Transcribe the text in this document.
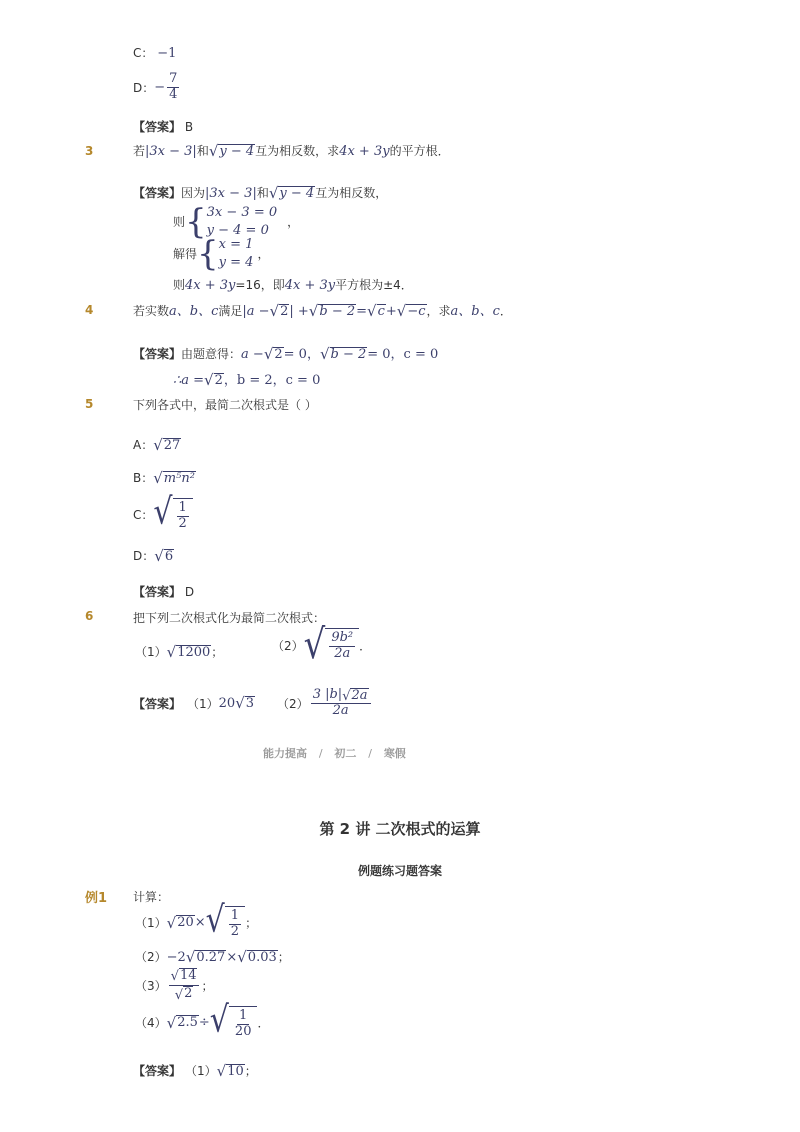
C： −1
D： − $\frac{7}{4}$
【答案】 B
3	若 |3x − 3| 和 √ y − 4 互为相反数，求 4x + 3y 的平方根．
【答案】 因为 |3x − 3| 和 √ y − 4 互为相反数，
则 { 3x − 3 = 0
y − 4 = 0
，
解得 { x = 1
y = 4
，
则4x + 3y=16，即4x + 3y平方根为±4．
4	若实数 a、b、c 满足 |a − √ 2 | + √ b − 2 = √ c + √ −c ，求 a、b、c ．
【答案】 由题意得： a − √ 2 = 0， √ b − 2 = 0，c = 0
∴a = √ 2 ，b = 2，c = 0
5	下列各式中，最简二次根式是（ ）
A： √ 27
B： √ m⁵n²
C： √ $\frac{1}{2}$
D： √ 6
【答案】 D
6	把下列二次根式化为最简二次根式：
（1） √ 1200 ；	（2） √ $\frac{\text{9b²}}{2a}$ ．
【答案】 （1） 20 √ 3 $(2) \frac{3 |b| √ 2a}{2a}$
能力提高 / 初二 / 寒假
第 2 讲 二次根式的运算
例题练习题答案
例1 计算：
（1） √ 20 × √ $\frac{1}{2}$ ；
（2） −2 √ 0.27 × √ 0.03 ；
$(3) \frac{√ 14}{√ 2}$ ；
（4） √ 2.5 ÷ √ $\frac{1}{20}$ ．
【答案】 （1） √ 10 ；
